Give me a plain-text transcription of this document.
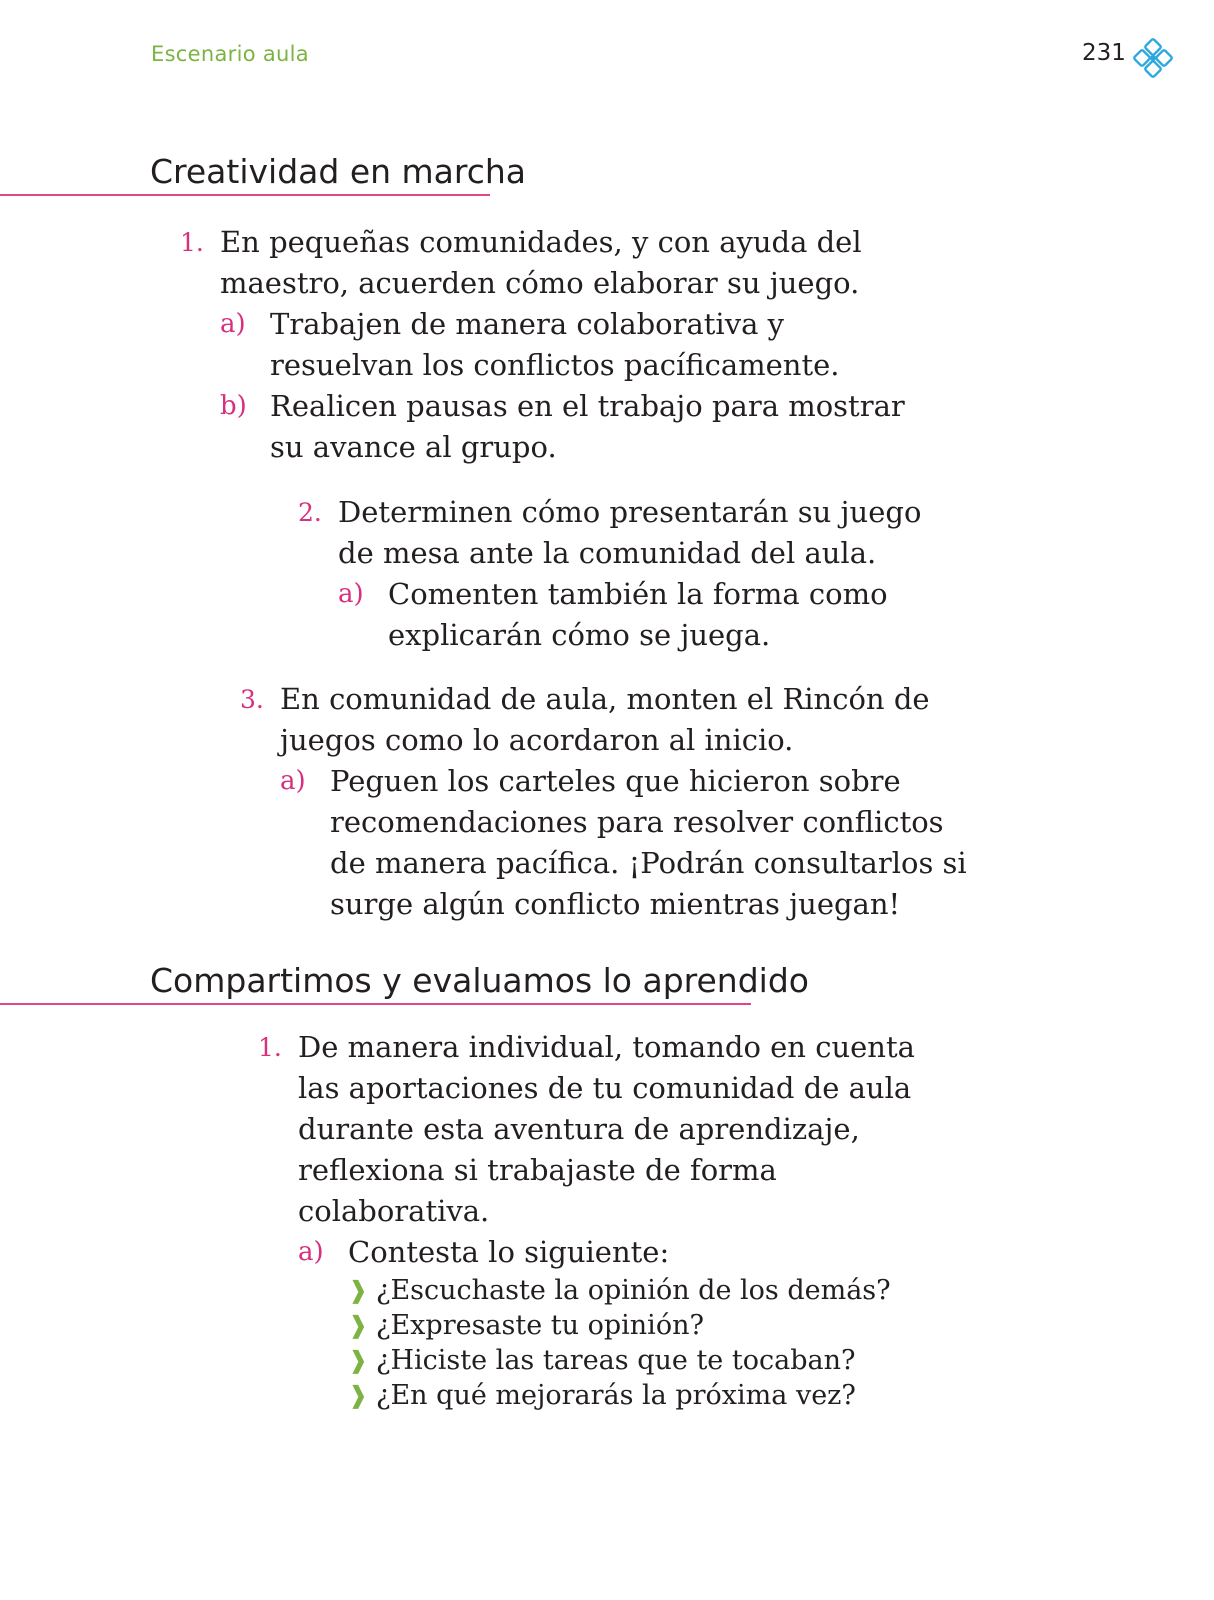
Escenario aula	231
Creatividad en marcha
1. En pequeñas comunidades, y con ayuda del maestro, acuerden cómo elaborar su juego.
a) Trabajen de manera colaborativa y resuelvan los conflictos pacíficamente.
b) Realicen pausas en el trabajo para mostrar su avance al grupo.
2. Determinen cómo presentarán su juego de mesa ante la comunidad del aula.
a) Comenten también la forma como explicarán cómo se juega.
3. En comunidad de aula, monten el Rincón de juegos como lo acordaron al inicio.
a) Peguen los carteles que hicieron sobre recomendaciones para resolver conflictos de manera pacífica. ¡Podrán consultarlos si surge algún conflicto mientras juegan!
Compartimos y evaluamos lo aprendido
1. De manera individual, tomando en cuenta las aportaciones de tu comunidad de aula durante esta aventura de aprendizaje, reflexiona si trabajaste de forma colaborativa.
a) Contesta lo siguiente:
❱ ¿Escuchaste la opinión de los demás?
❱ ¿Expresaste tu opinión?
❱ ¿Hiciste las tareas que te tocaban?
❱ ¿En qué mejorarás la próxima vez?
